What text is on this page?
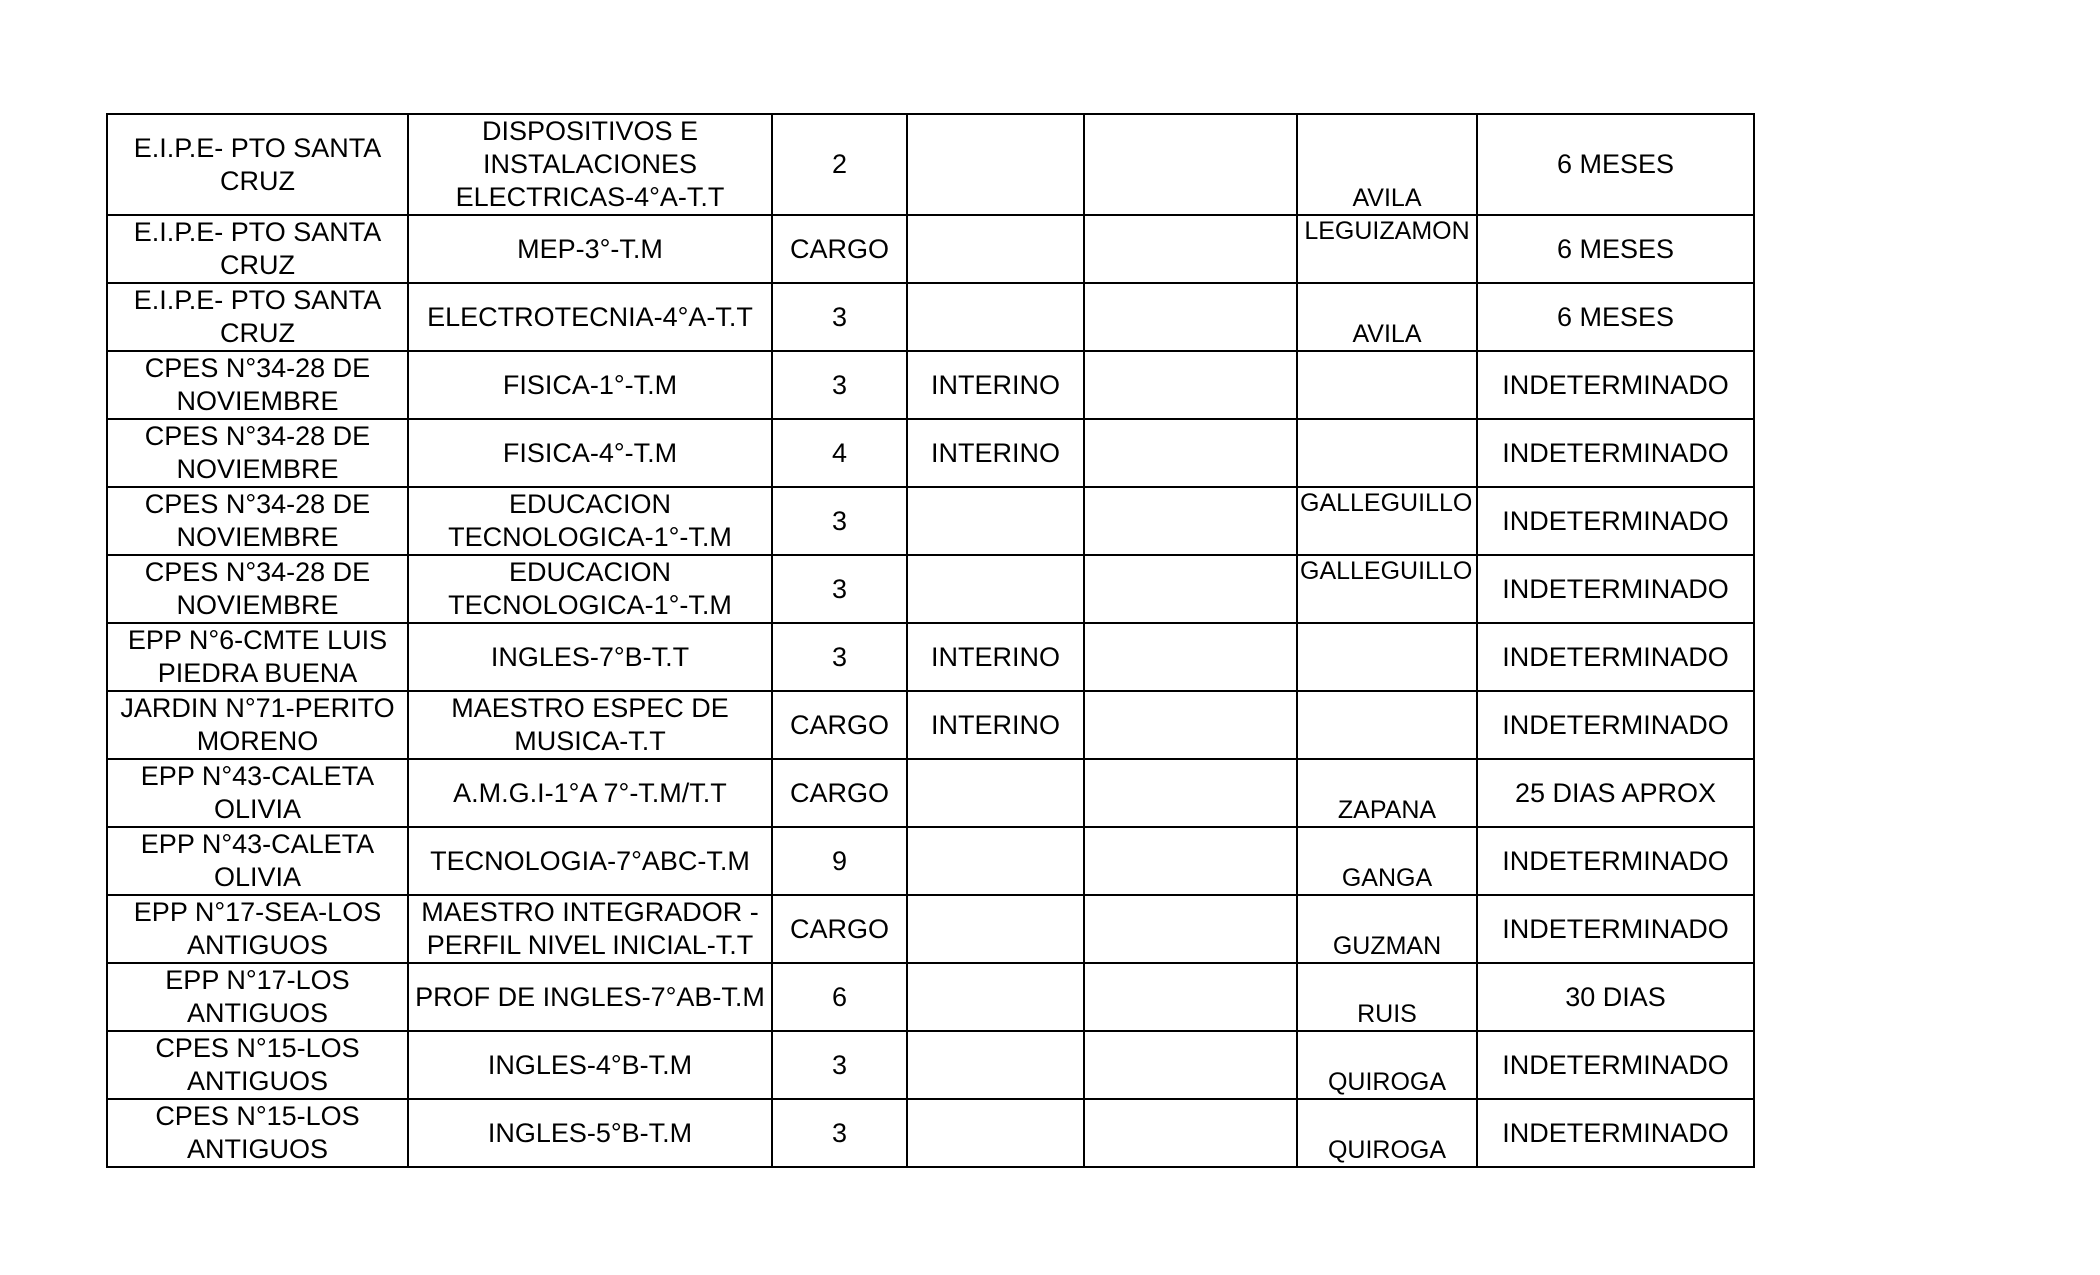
E.I.P.E- PTO SANTA CRUZ	DISPOSITIVOS E INSTALACIONES ELECTRICAS-4°A-T.T	2			AVILA	6 MESES
E.I.P.E- PTO SANTA CRUZ	MEP-3°-T.M	CARGO			LEGUIZAMON	6 MESES
E.I.P.E- PTO SANTA CRUZ	ELECTROTECNIA-4°A-T.T	3			AVILA	6 MESES
CPES N°34-28 DE NOVIEMBRE	FISICA-1°-T.M	3	INTERINO			INDETERMINADO
CPES N°34-28 DE NOVIEMBRE	FISICA-4°-T.M	4	INTERINO			INDETERMINADO
CPES N°34-28 DE NOVIEMBRE	EDUCACION TECNOLOGICA-1°-T.M	3			GALLEGUILLO	INDETERMINADO
CPES N°34-28 DE NOVIEMBRE	EDUCACION TECNOLOGICA-1°-T.M	3			GALLEGUILLO	INDETERMINADO
EPP N°6-CMTE LUIS PIEDRA BUENA	INGLES-7°B-T.T	3	INTERINO			INDETERMINADO
JARDIN N°71-PERITO MORENO	MAESTRO ESPEC DE MUSICA-T.T	CARGO	INTERINO			INDETERMINADO
EPP N°43-CALETA OLIVIA	A.M.G.I-1°A 7°-T.M/T.T	CARGO			ZAPANA	25 DIAS APROX
EPP N°43-CALETA OLIVIA	TECNOLOGIA-7°ABC-T.M	9			GANGA	INDETERMINADO
EPP N°17-SEA-LOS ANTIGUOS	MAESTRO INTEGRADOR - PERFIL NIVEL INICIAL-T.T	CARGO			GUZMAN	INDETERMINADO
EPP N°17-LOS ANTIGUOS	PROF DE INGLES-7°AB-T.M	6			RUIS	30 DIAS
CPES N°15-LOS ANTIGUOS	INGLES-4°B-T.M	3			QUIROGA	INDETERMINADO
CPES N°15-LOS ANTIGUOS	INGLES-5°B-T.M	3			QUIROGA	INDETERMINADO
